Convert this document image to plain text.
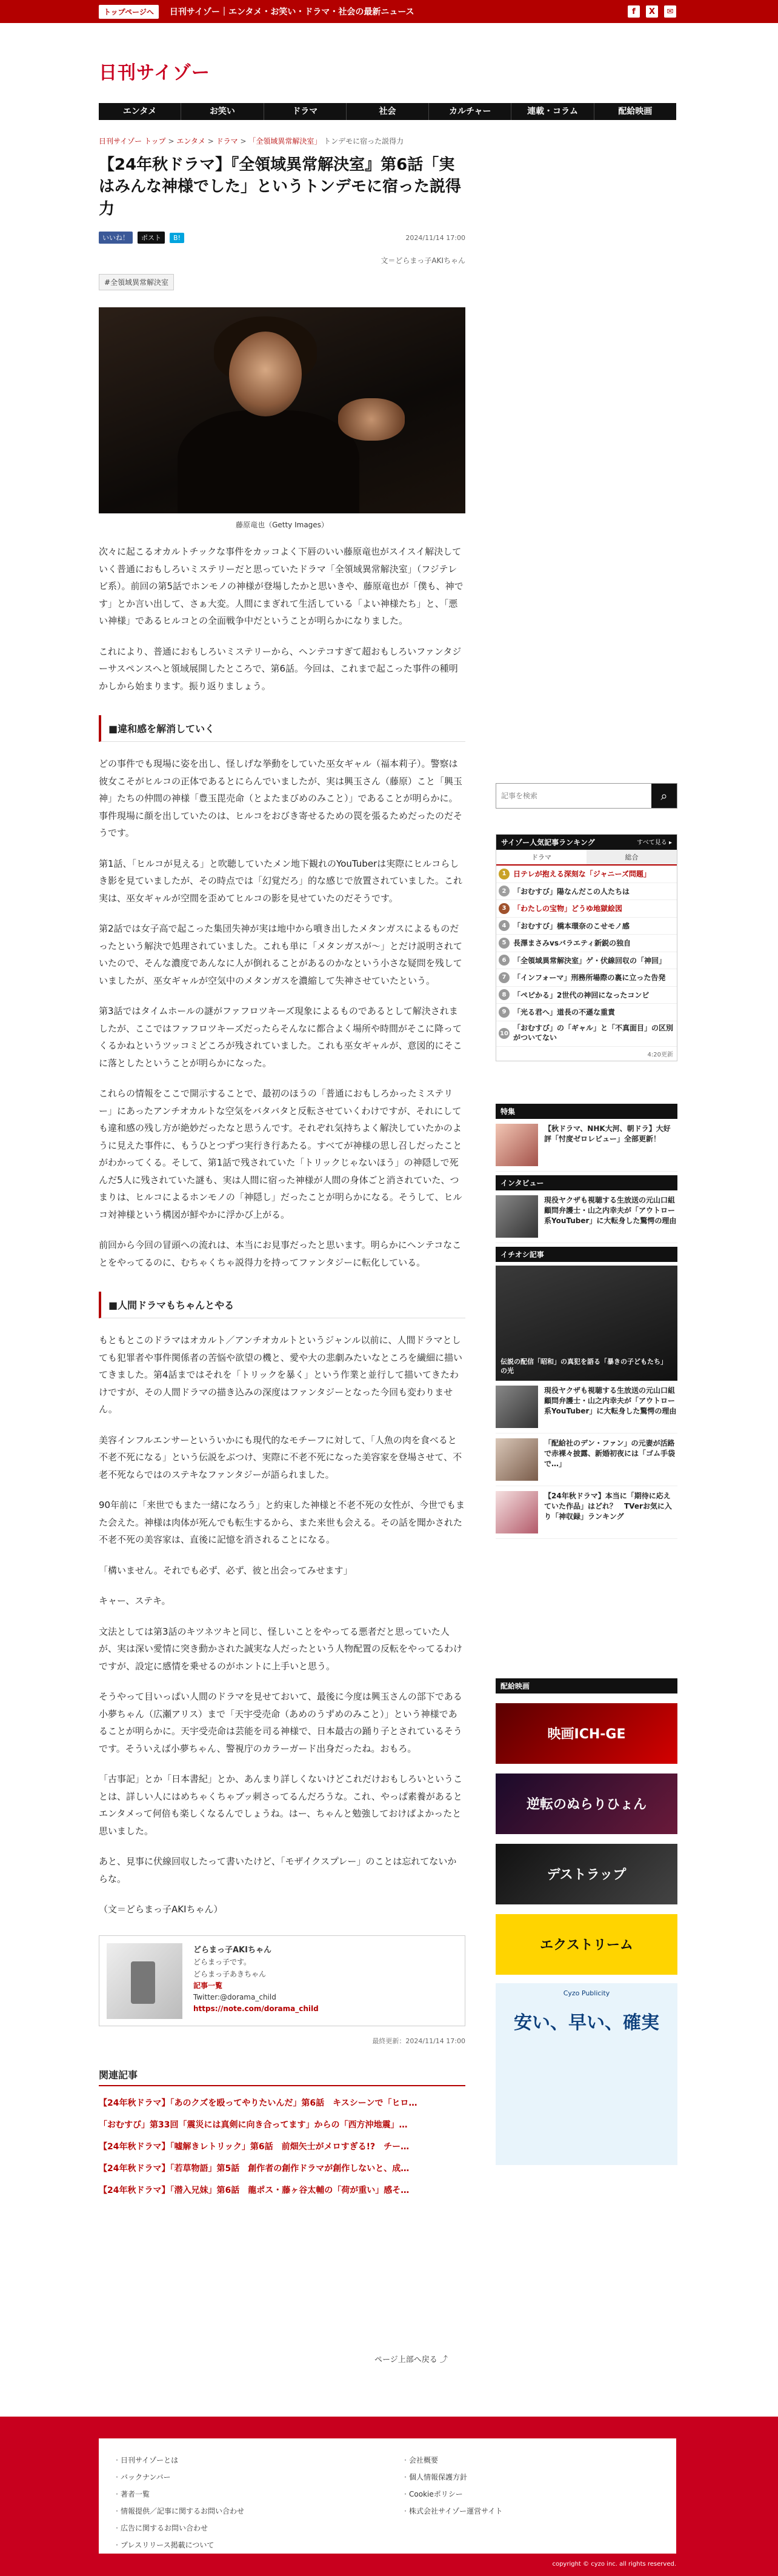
トップページへ	日刊サイゾー｜エンタメ・お笑い・ドラマ・社会の最新ニュース	f	X	✉
日刊サイゾー
エンタメ	お笑い	ドラマ	社会	カルチャー	連載・コラム	配給映画
日刊サイゾー トップ > エンタメ > ドラマ > 「全領域異常解決室」 トンデモに宿った説得力
【24年秋ドラマ】『全領域異常解決室』第6話「実はみんな神様でした」というトンデモに宿った説得力
いいね！	ポスト	B!	2024/11/14 17:00
文＝どらまっ子AKIちゃん
#全領域異常解決室
藤原竜也（Getty Images）

次々に起こるオカルトチックな事件をカッコよく下唇のいい藤原竜也がスイスイ解決していく普通におもしろいミステリーだと思っていたドラマ「全領域異常解決室」（フジテレビ系）。前回の第5話でホンモノの神様が登場したかと思いきや、藤原竜也が「僕も、神です」とか言い出して、さぁ大変。人間にまぎれて生活している「よい神様たち」と、「悪い神様」であるヒルコとの全面戦争中だということが明らかになりました。

これにより、普通におもしろいミステリーから、ヘンテコすぎて超おもしろいファンタジーサスペンスへと領域展開したところで、第6話。今回は、これまで起こった事件の種明かしから始まります。振り返りましょう。

■違和感を解消していく

どの事件でも現場に姿を出し、怪しげな挙動をしていた巫女ギャル（福本莉子）。警察は彼女こそがヒルコの正体であるとにらんでいましたが、実は興玉さん（藤原）こと「興玉神」たちの仲間の神様「豊玉毘売命（とよたまびめのみこと）」であることが明らかに。事件現場に顔を出していたのは、ヒルコをおびき寄せるための罠を張るためだったのだそうです。

第1話、「ヒルコが見える」と吹聴していたメン地下観れのYouTuberは実際にヒルコらしき影を見ていましたが、その時点では「幻覚だろ」的な感じで放置されていました。これ実は、巫女ギャルが空間を歪めてヒルコの影を見せていたのだそうです。

第2話では女子高で起こった集団失神が実は地中から噴き出したメタンガスによるものだったという解決で処理されていました。これも単に「メタンガスが～」とだけ説明されていたので、そんな濃度であんなに人が倒れることがあるのかなという小さな疑問を残していましたが、巫女ギャルが空気中のメタンガスを濃縮して失神させていたという。

第3話ではタイムホールの謎がファフロツキーズ現象によるものであるとして解決されましたが、ここではファフロツキーズだったらそんなに都合よく場所や時間がそこに降ってくるかねというツッコミどころが残されていました。これも巫女ギャルが、意図的にそこに落としたということが明らかになった。

これらの情報をここで開示することで、最初のほうの「普通におもしろかったミステリー」にあったアンチオカルトな空気をバタバタと反転させていくわけですが、それにしても違和感の残し方が絶妙だったなと思うんです。それぞれ気持ちよく解決していたかのように見えた事件に、もうひとつずつ実行き行あたる。すべてが神様の思し召しだったことがわかってくる。そして、第1話で残されていた「トリックじゃないほう」の神隠しで死んだ5人に残されていた謎も、実は人間に宿った神様が人間の身体ごと消されていた、つまりは、ヒルコによるホンモノの「神隠し」だったことが明らかになる。そうして、ヒルコ対神様という構図が鮮やかに浮かび上がる。

前回から今回の冒頭への流れは、本当にお見事だったと思います。明らかにヘンテコなことをやってるのに、むちゃくちゃ説得力を持ってファンタジーに転化している。

■人間ドラマもちゃんとやる

もともとこのドラマはオカルト／アンチオカルトというジャンル以前に、人間ドラマとしても犯罪者や事件関係者の苦悩や欲望の機と、愛や大の悲劇みたいなところを繊細に描いてきました。第4話まではそれを「トリックを暴く」という作業と並行して描いてきたわけですが、その人間ドラマの描き込みの深度はファンタジーとなった今回も変わりません。

美容インフルエンサーといういかにも現代的なモチーフに対して、「人魚の肉を食べると不老不死になる」という伝説をぶつけ、実際に不老不死になった美容家を登場させて、不老不死ならではのステキなファンタジーが語られました。

90年前に「来世でもまた一緒になろう」と約束した神様と不老不死の女性が、今世でもまた会えた。神様は肉体が死んでも転生するから、また来世も会える。その話を聞かされた不老不死の美容家は、直後に記憶を消されることになる。

「構いません。それでも必ず、必ず、彼と出会ってみせます」

キャー、ステキ。

文法としては第3話のキツネツキと同じ、怪しいことをやってる悪者だと思っていた人が、実は深い愛情に突き動かされた誠実な人だったという人物配置の反転をやってるわけですが、設定に感情を乗せるのがホントに上手いと思う。

そうやって目いっぱい人間のドラマを見せておいて、最後に今度は興玉さんの部下である小夢ちゃん（広瀬アリス）まで「天宇受売命（あめのうずめのみこと）」という神様であることが明らかに。天宇受売命は芸能を司る神様で、日本最古の踊り子とされているそうです。そういえば小夢ちゃん、警視庁のカラーガード出身だったね。おもろ。

「古事記」とか「日本書紀」とか、あんまり詳しくないけどこれだけおもしろいということは、詳しい人にはめちゃくちゃブッ刺さってるんだろうな。これ、やっぱ素養があるとエンタメって何倍も楽しくなるんでしょうね。はー、ちゃんと勉強しておけばよかったと思いました。

あと、見事に伏線回収したって書いたけど、「モザイクスプレー」のことは忘れてないからな。

（文＝どらまっ子AKIちゃん）

どらまっ子AKIちゃん
どらまっ子です。
どらまっ子あきちゃん
記事一覧
Twitter:@dorama_child
https://note.com/dorama_child
最終更新：2024/11/14 17:00
関連記事
【24年秋ドラマ】「あのクズを殴ってやりたいんだ」第6話　キスシーンで「ヒロ…
「おむすび」第33回「震災には真剣に向き合ってます」からの「西方沖地震」…
【24年秋ドラマ】「嘘解きレトリック」第6話　前畑矢士がメロすぎる!?　チー…
【24年秋ドラマ】「若草物語」第5話　創作者の創作ドラマが創作しないと、成…
【24年秋ドラマ】「潜入兄妹」第6話　龍ポス・藤ヶ谷太輔の「荷が重い」感そ…
ページ上部へ戻る ⤴
記事を検索
⌕
サイゾー人気記事ランキング	すべて見る ▸
ドラマ	総合
1 日テレが抱える深刻な「ジャニーズ問題」
2 「おむすび」陽なんだこの人たちは
3 「わたしの宝物」どうゆ地獄絵図
4 「おむすび」橋本環奈のこせモノ感
5 長澤まさみvsバラエティ新鋭の独自
6 「全領域異常解決室」ゲ・伏線回収の「神回」
7 「インフォーマ」刑務所場際の裏に立った告発
8 「ペピかる」2世代の神回になったコンビ
9 「光る君へ」道長の不遜な重責
10
「おむすび」の「ギャル」と「不真面目」の区別がついてない
4:20更新
特集
【秋ドラマ、NHK大河、朝ドラ】大好評「忖度ゼロレビュー」全部更新！
インタビュー
現役ヤクザも視聴する生放送の元山口組顧問弁護士・山之内幸夫が「アウトロー系YouTuber」に大転身した驚愕の理由
イチオシ記事
伝説の配信「昭和」の真犯を語る「暴きの子どもたち」の光
現役ヤクザも視聴する生放送の元山口組顧問弁護士・山之内幸夫が「アウトロー系YouTuber」に大転身した驚愕の理由
「配給社のデン・ファン」の元妻が活路で赤裸々披露、新婚初夜には「ゴム手袋で…」
【24年秋ドラマ】本当に「期待に応えていた作品」はどれ？　TVerお気に入り「神収録」ランキング
配給映画
映画ICH-GE
逆転のぬらりひょん
デストラップ
エクストリーム
Cyzo Publicity
安い、早い、確実
・ 日刊サイゾーとは
・ バックナンバー
・ 著者一覧
・ 情報提供／記事に関するお問い合わせ
・ 広告に関するお問い合わせ
・ プレスリリース掲載について
・ 会社概要
・ 個人情報保護方針
・ Cookieポリシー
・ 株式会社サイゾー運営サイト
copyright © cyzo inc. all rights reserved.
